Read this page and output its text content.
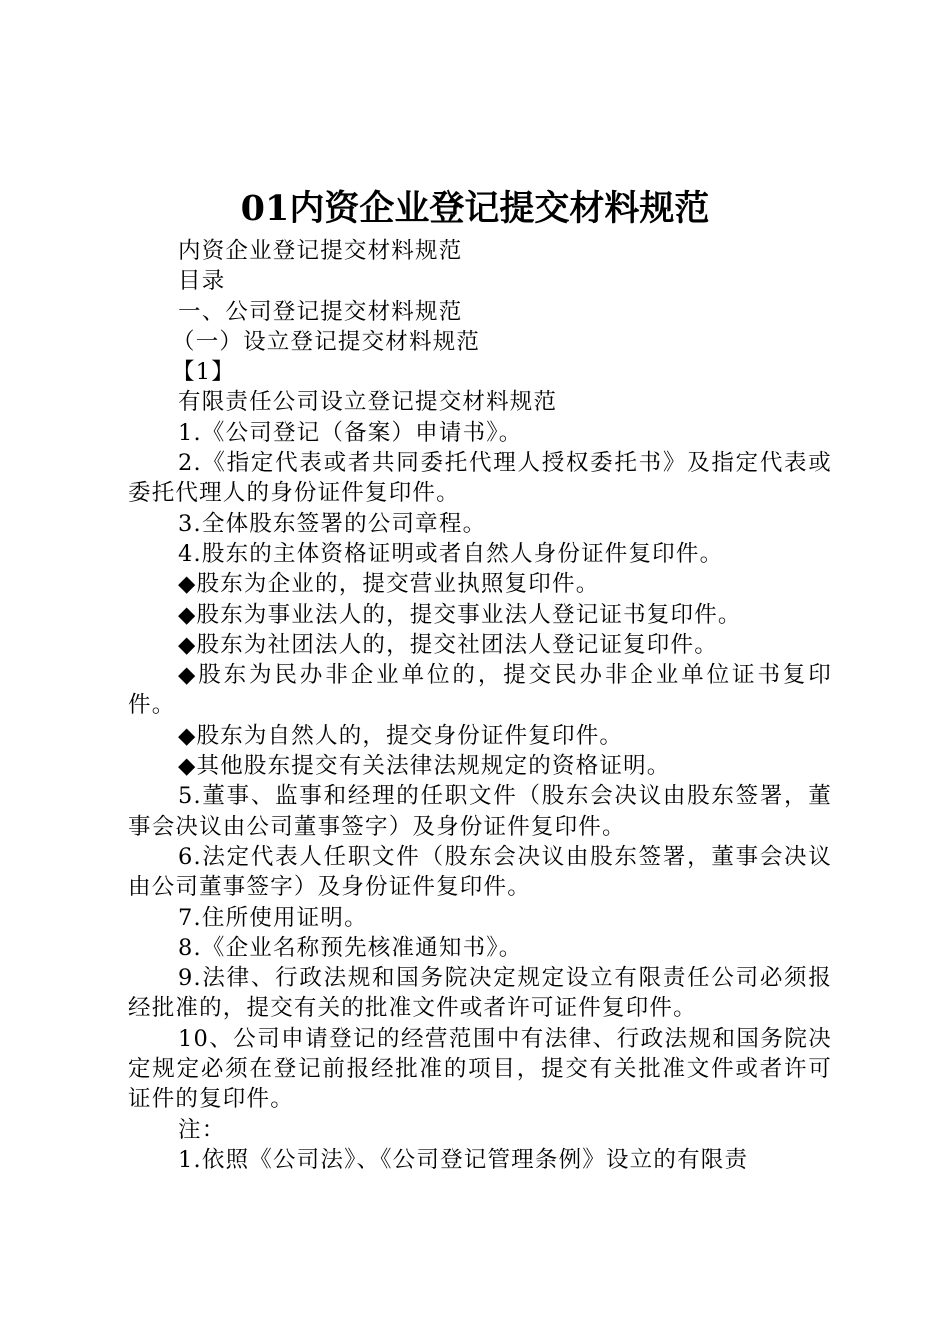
01内资企业登记提交材料规范

内资企业登记提交材料规范

目录

一、公司登记提交材料规范

（一）设立登记提交材料规范

【1】

有限责任公司设立登记提交材料规范

1.《公司登记（备案）申请书》。

2.《指定代表或者共同委托代理人授权委托书》及指定代表或委托代理人的身份证件复印件。

3.全体股东签署的公司章程。

4.股东的主体资格证明或者自然人身份证件复印件。

◆股东为企业的，提交营业执照复印件。

◆股东为事业法人的，提交事业法人登记证书复印件。

◆股东为社团法人的，提交社团法人登记证复印件。

◆股东为民办非企业单位的，提交民办非企业单位证书复印件。

◆股东为自然人的，提交身份证件复印件。

◆其他股东提交有关法律法规规定的资格证明。

5.董事、监事和经理的任职文件（股东会决议由股东签署，董事会决议由公司董事签字）及身份证件复印件。

6.法定代表人任职文件（股东会决议由股东签署，董事会决议由公司董事签字）及身份证件复印件。

7.住所使用证明。

8.《企业名称预先核准通知书》。

9.法律、行政法规和国务院决定规定设立有限责任公司必须报经批准的，提交有关的批准文件或者许可证件复印件。

10、公司申请登记的经营范围中有法律、行政法规和国务院决定规定必须在登记前报经批准的项目，提交有关批准文件或者许可证件的复印件。

注：

1.依照《公司法》、《公司登记管理条例》设立的有限责
